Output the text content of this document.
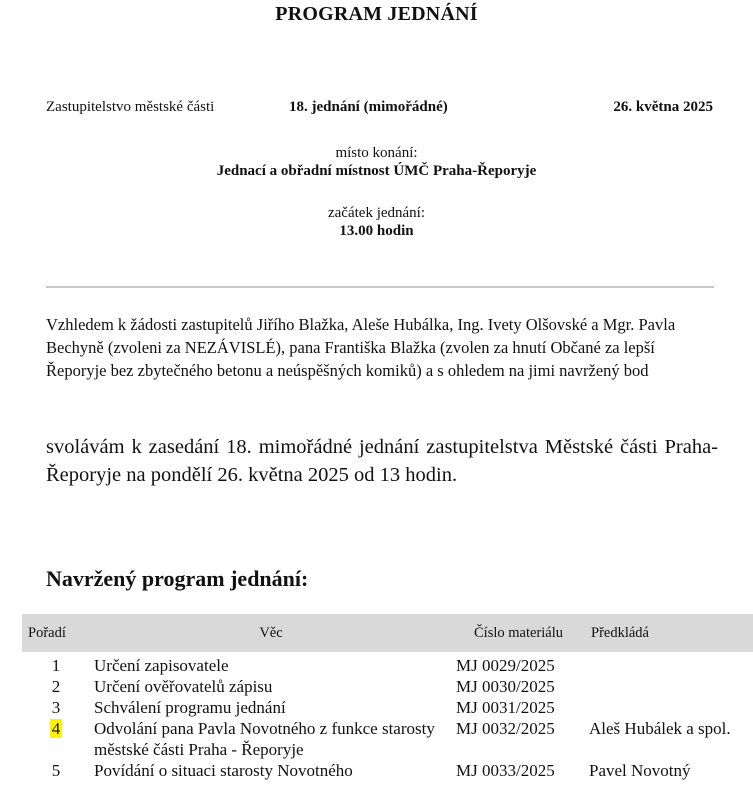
PROGRAM JEDNÁNÍ
Zastupitelstvo městské části	18. jednání (mimořádné)	26. května 2025
místo konání:
Jednací a obřadní místnost ÚMČ Praha-Řeporyje
začátek jednání:
13.00 hodin
Vzhledem k žádosti zastupitelů Jiřího Blažka, Aleše Hubálka, Ing. Ivety Olšovské a Mgr. Pavla Bechyně (zvoleni za NEZÁVISLÉ), pana Františka Blažka (zvolen za hnutí Občané za lepší Řeporyje bez zbytečného betonu a neúspěšných komiků) a s ohledem na jimi navržený bod
svolávám k zasedání 18. mimořádné jednání zastupitelstva Městské části Praha-Řeporyje na pondělí 26. května 2025 od 13 hodin.
Navržený program jednání:
Pořadí	Věc	Číslo materiálu	Předkládá
1	Určení zapisovatele	MJ 0029/2025	
2	Určení ověřovatelů zápisu	MJ 0030/2025	
3	Schválení programu jednání	MJ 0031/2025	
4	Odvolání pana Pavla Novotného z funkce starosty městské části Praha - Řeporyje	MJ 0032/2025	Aleš Hubálek a spol.
5	Povídání o situaci starosty Novotného	MJ 0033/2025	Pavel Novotný
